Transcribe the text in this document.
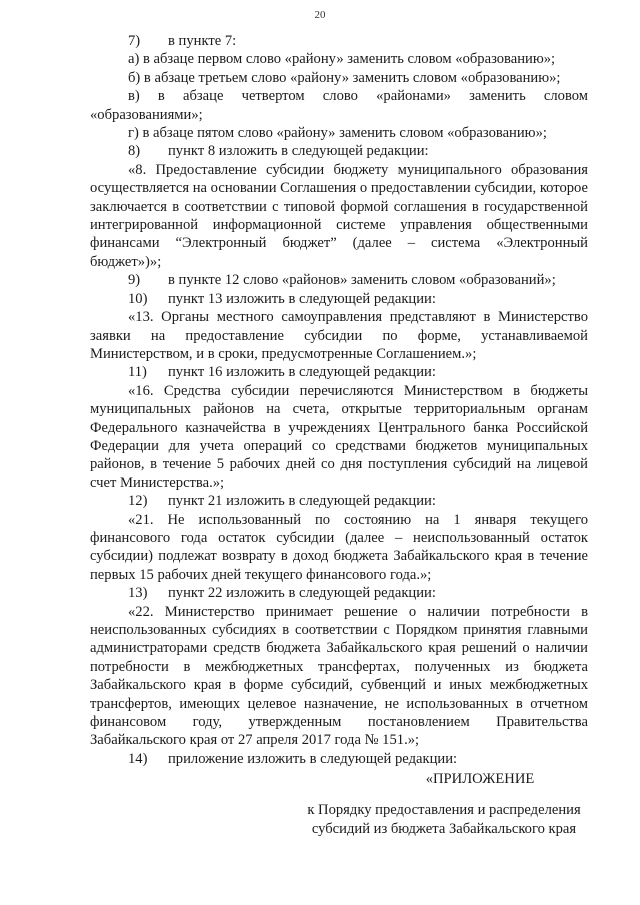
20

7) в пункте 7:

а) в абзаце первом слово «району» заменить словом «образованию»;

б) в абзаце третьем слово «району» заменить словом «образованию»;

в) в абзаце четвертом слово «районами» заменить словом «образованиями»;

г) в абзаце пятом слово «району» заменить словом «образованию»;

8) пункт 8 изложить в следующей редакции:

«8. Предоставление субсидии бюджету муниципального образования осуществляется на основании Соглашения о предоставлении субсидии, которое заключается в соответствии с типовой формой соглашения в государственной интегрированной информационной системе управления общественными финансами “Электронный бюджет” (далее – система «Электронный бюджет»)»;

9) в пункте 12 слово «районов» заменить словом «образований»;

10) пункт 13 изложить в следующей редакции:

«13. Органы местного самоуправления представляют в Министерство заявки на предоставление субсидии по форме, устанавливаемой Министерством, и в сроки, предусмотренные Соглашением.»;

11) пункт 16 изложить в следующей редакции:

«16. Средства субсидии перечисляются Министерством в бюджеты муниципальных районов на счета, открытые территориальным органам Федерального казначейства в учреждениях Центрального банка Российской Федерации для учета операций со средствами бюджетов муниципальных районов, в течение 5 рабочих дней со дня поступления субсидий на лицевой счет Министерства.»;

12) пункт 21 изложить в следующей редакции:

«21. Не использованный по состоянию на 1 января текущего финансового года остаток субсидии (далее – неиспользованный остаток субсидии) подлежат возврату в доход бюджета Забайкальского края в течение первых 15 рабочих дней текущего финансового года.»;

13) пункт 22 изложить в следующей редакции:

«22. Министерство принимает решение о наличии потребности в неиспользованных субсидиях в соответствии с Порядком принятия главными администраторами средств бюджета Забайкальского края решений о наличии потребности в межбюджетных трансфертах, полученных из бюджета Забайкальского края в форме субсидий, субвенций и иных межбюджетных трансфертов, имеющих целевое назначение, не использованных в отчетном финансовом году, утвержденным постановлением Правительства Забайкальского края от 27 апреля 2017 года № 151.»;

14) приложение изложить в следующей редакции:

«ПРИЛОЖЕНИЕ

к Порядку предоставления и распределения

субсидий из бюджета Забайкальского края
